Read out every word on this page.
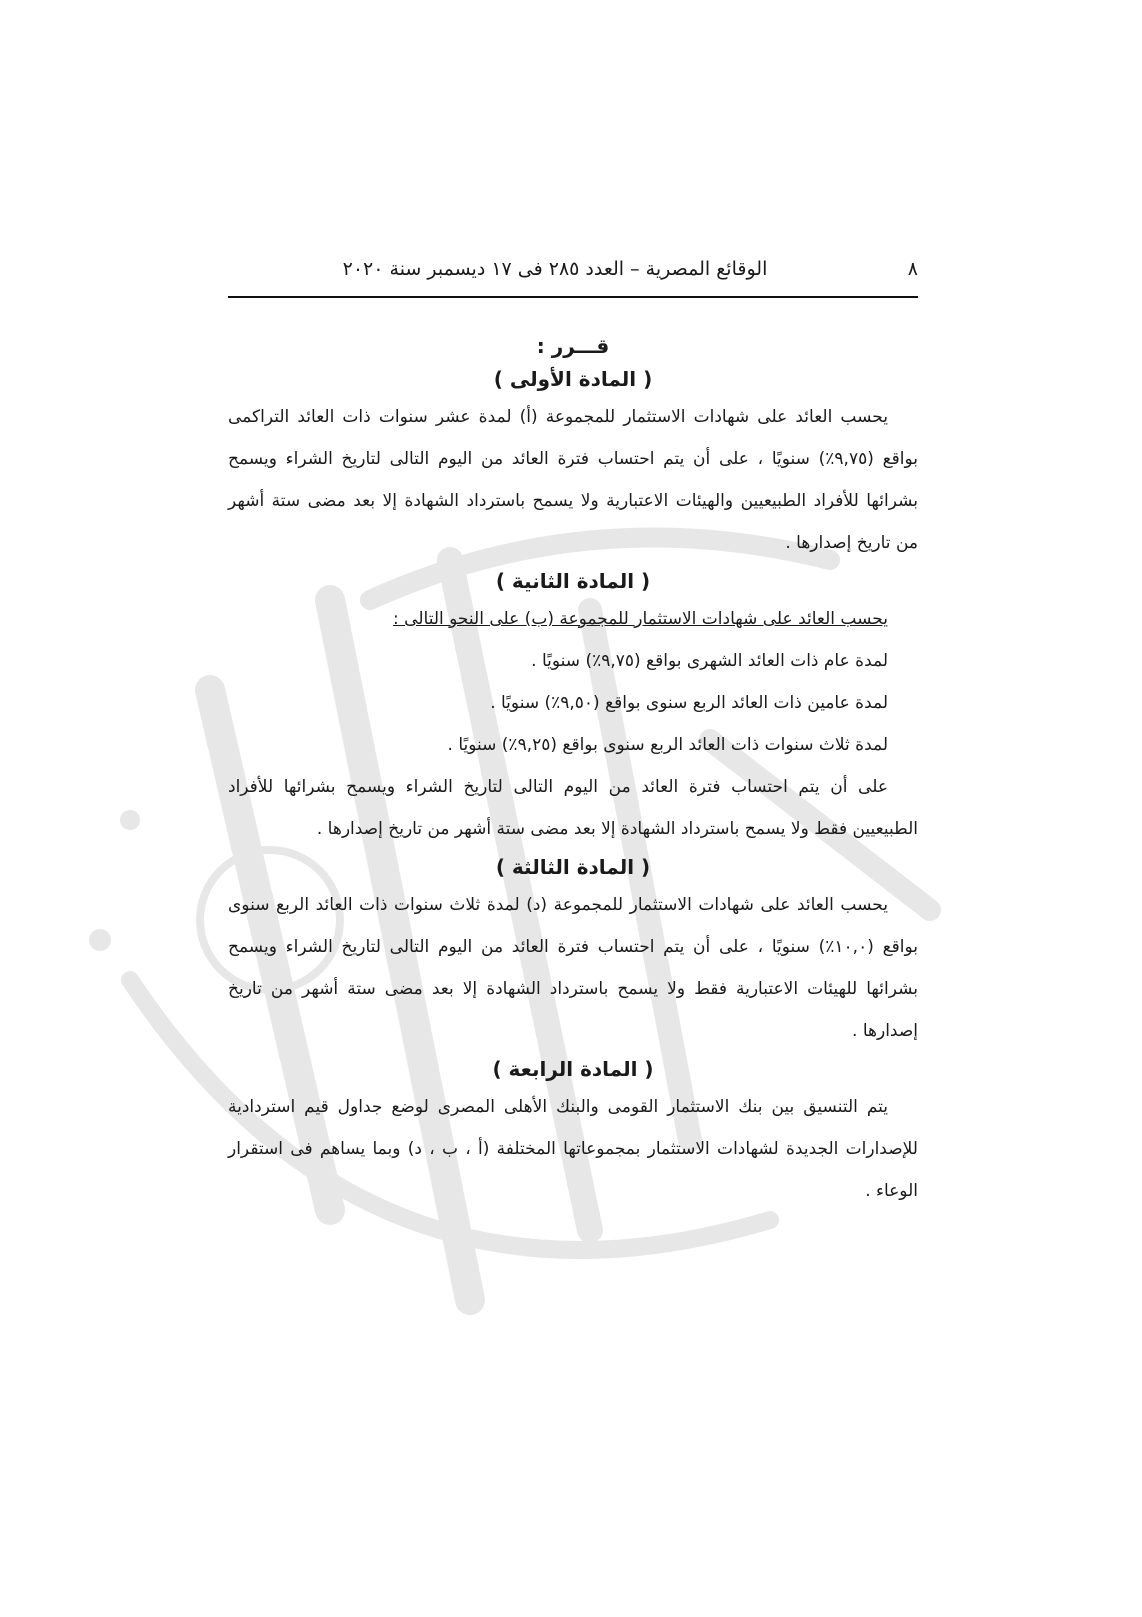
٨
الوقائع المصرية – العدد ٢٨٥ فى ١٧ ديسمبر سنة ٢٠٢٠
قـــرر :
( المادة الأولى )

يحسب العائد على شهادات الاستثمار للمجموعة (أ) لمدة عشر سنوات ذات العائد التراكمى بواقع (٩,٧٥٪) سنويًا ، على أن يتم احتساب فترة العائد من اليوم التالى لتاريخ الشراء ويسمح بشرائها للأفراد الطبيعيين والهيئات الاعتبارية ولا يسمح باسترداد الشهادة إلا بعد مضى ستة أشهر من تاريخ إصدارها .

( المادة الثانية )

يحسب العائد على شهادات الاستثمار للمجموعة (ب) على النحو التالى :

لمدة عام ذات العائد الشهرى بواقع (٩,٧٥٪) سنويًا .

لمدة عامين ذات العائد الربع سنوى بواقع (٩,٥٠٪) سنويًا .

لمدة ثلاث سنوات ذات العائد الربع سنوى بواقع (٩,٢٥٪) سنويًا .

على أن يتم احتساب فترة العائد من اليوم التالى لتاريخ الشراء ويسمح بشرائها للأفراد الطبيعيين فقط ولا يسمح باسترداد الشهادة إلا بعد مضى ستة أشهر من تاريخ إصدارها .

( المادة الثالثة )

يحسب العائد على شهادات الاستثمار للمجموعة (د) لمدة ثلاث سنوات ذات العائد الربع سنوى بواقع (١٠,٠٪) سنويًا ، على أن يتم احتساب فترة العائد من اليوم التالى لتاريخ الشراء ويسمح بشرائها للهيئات الاعتبارية فقط ولا يسمح باسترداد الشهادة إلا بعد مضى ستة أشهر من تاريخ إصدارها .

( المادة الرابعة )

يتم التنسيق بين بنك الاستثمار القومى والبنك الأهلى المصرى لوضع جداول قيم استردادية للإصدارات الجديدة لشهادات الاستثمار بمجموعاتها المختلفة (أ ، ب ، د) وبما يساهم فى استقرار الوعاء .
